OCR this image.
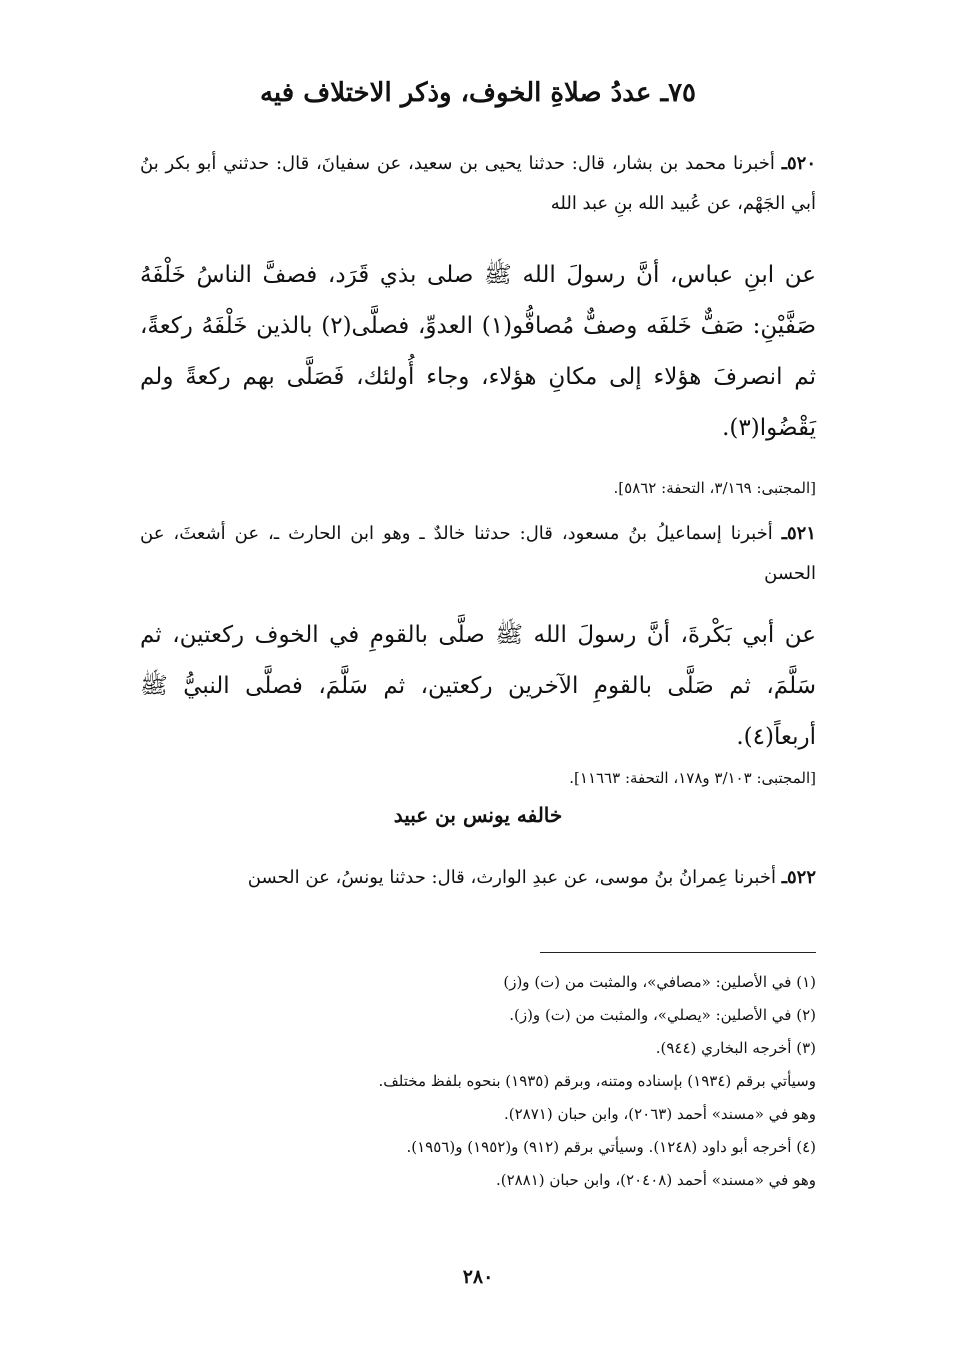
٧٥ـ عددُ صلاةِ الخوف، وذكر الاختلاف فيه
٥٢٠ـ أخبرنا محمد بن بشار، قال: حدثنا يحيى بن سعيد، عن سفيانَ، قال: حدثني أبو بكر بنُ أبي الجَهْم، عن عُبيد الله بنِ عبد الله
عن ابنِ عباس، أنَّ رسولَ الله ﷺ صلى بذي قَرَد، فصفَّ الناسُ خَلْفَهُ صَفَّيْنِ: صَفٌّ خَلفَه وصفٌّ مُصافُّو(١) العدوِّ، فصلَّى(٢) بالذين خَلْفَهُ ركعةً، ثم انصرفَ هؤلاء إلى مكانِ هؤلاء، وجاء أُولئك، فَصَلَّى بهم ركعةً ولم يَقْضُوا(٣).
[المجتبى: ٣/١٦٩، التحفة: ٥٨٦٢].
٥٢١ـ أخبرنا إسماعيلُ بنُ مسعود، قال: حدثنا خالدٌ ـ وهو ابن الحارث ـ، عن أشعثَ، عن الحسن
عن أبي بَكْرةَ، أنَّ رسولَ الله ﷺ صلَّى بالقومِ في الخوف ركعتين، ثم سَلَّمَ، ثم صَلَّى بالقومِ الآخرين ركعتين، ثم سَلَّمَ، فصلَّى النبيُّ ﷺ أربعاً(٤).
[المجتبى: ٣/١٠٣ و١٧٨، التحفة: ١١٦٦٣].
خالفه يونس بن عبيد
٥٢٢ـ أخبرنا عِمرانُ بنُ موسى، عن عبدِ الوارث، قال: حدثنا يونسُ، عن الحسن
(١) في الأصلين: «مصافي»، والمثبت من (ت) و(ز)
(٢) في الأصلين: «يصلي»، والمثبت من (ت) و(ز).
(٣) أخرجه البخاري (٩٤٤).
وسيأتي برقم (١٩٣٤) بإسناده ومتنه، وبرقم (١٩٣٥) بنحوه بلفظ مختلف.
وهو في «مسند» أحمد (٢٠٦٣)، وابن حبان (٢٨٧١).
(٤) أخرجه أبو داود (١٢٤٨). وسيأتي برقم (٩١٢) و(١٩٥٢) و(١٩٥٦).
وهو في «مسند» أحمد (٢٠٤٠٨)، وابن حبان (٢٨٨١).
٢٨٠
